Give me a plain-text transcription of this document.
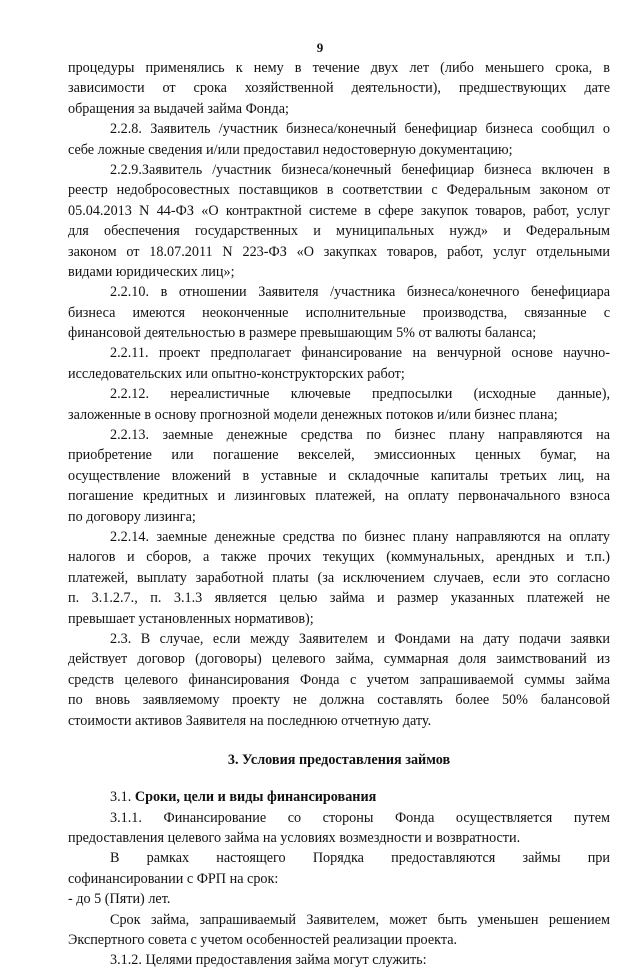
9
процедуры применялись к нему в течение двух лет (либо меньшего срока, в
зависимости от срока хозяйственной деятельности), предшествующих дате
обращения за выдачей займа Фонда;
2.2.8. Заявитель /участник бизнеса/конечный бенефициар бизнеса сообщил о
себе ложные сведения и/или предоставил недостоверную документацию;
2.2.9.Заявитель /участник бизнеса/конечный бенефициар бизнеса включен в
реестр недобросовестных поставщиков в соответствии с Федеральным законом от
05.04.2013 N 44-ФЗ «О контрактной системе в сфере закупок товаров, работ, услуг
для обеспечения государственных и муниципальных нужд» и Федеральным
законом от 18.07.2011 N 223-ФЗ «О закупках товаров, работ, услуг отдельными
видами юридических лиц»;
2.2.10. в отношении Заявителя /участника бизнеса/конечного бенефициара
бизнеса имеются неоконченные исполнительные производства, связанные с
финансовой деятельностью в размере превышающим 5% от валюты баланса;
2.2.11. проект предполагает финансирование на венчурной основе научно-
исследовательских или опытно-конструкторских работ;
2.2.12. нереалистичные ключевые предпосылки (исходные данные),
заложенные в основу прогнозной модели денежных потоков и/или бизнес плана;
2.2.13. заемные денежные средства по бизнес плану направляются на
приобретение или погашение векселей, эмиссионных ценных бумаг, на
осуществление вложений в уставные и складочные капиталы третьих лиц, на
погашение кредитных и лизинговых платежей, на оплату первоначального взноса
по договору лизинга;
2.2.14. заемные денежные средства по бизнес плану направляются на оплату
налогов и сборов, а также прочих текущих (коммунальных, арендных и т.п.)
платежей, выплату заработной платы (за исключением случаев, если это согласно
п. 3.1.2.7., п. 3.1.3 является целью займа и размер указанных платежей не
превышает установленных нормативов);
2.3. В случае, если между Заявителем и Фондами на дату подачи заявки
действует договор (договоры) целевого займа, суммарная доля заимствований из
средств целевого финансирования Фонда с учетом запрашиваемой суммы займа
по вновь заявляемому проекту не должна составлять более 50% балансовой
стоимости активов Заявителя на последнюю отчетную дату.
3. Условия предоставления займов
3.1. Сроки, цели и виды финансирования
3.1.1. Финансирование со стороны Фонда осуществляется путем
предоставления целевого займа на условиях возмездности и возвратности.
В рамках настоящего Порядка предоставляются займы при
софинансировании с ФРП на срок:
- до 5 (Пяти) лет.
Срок займа, запрашиваемый Заявителем, может быть уменьшен решением
Экспертного совета с учетом особенностей реализации проекта.
3.1.2. Целями предоставления займа могут служить:
